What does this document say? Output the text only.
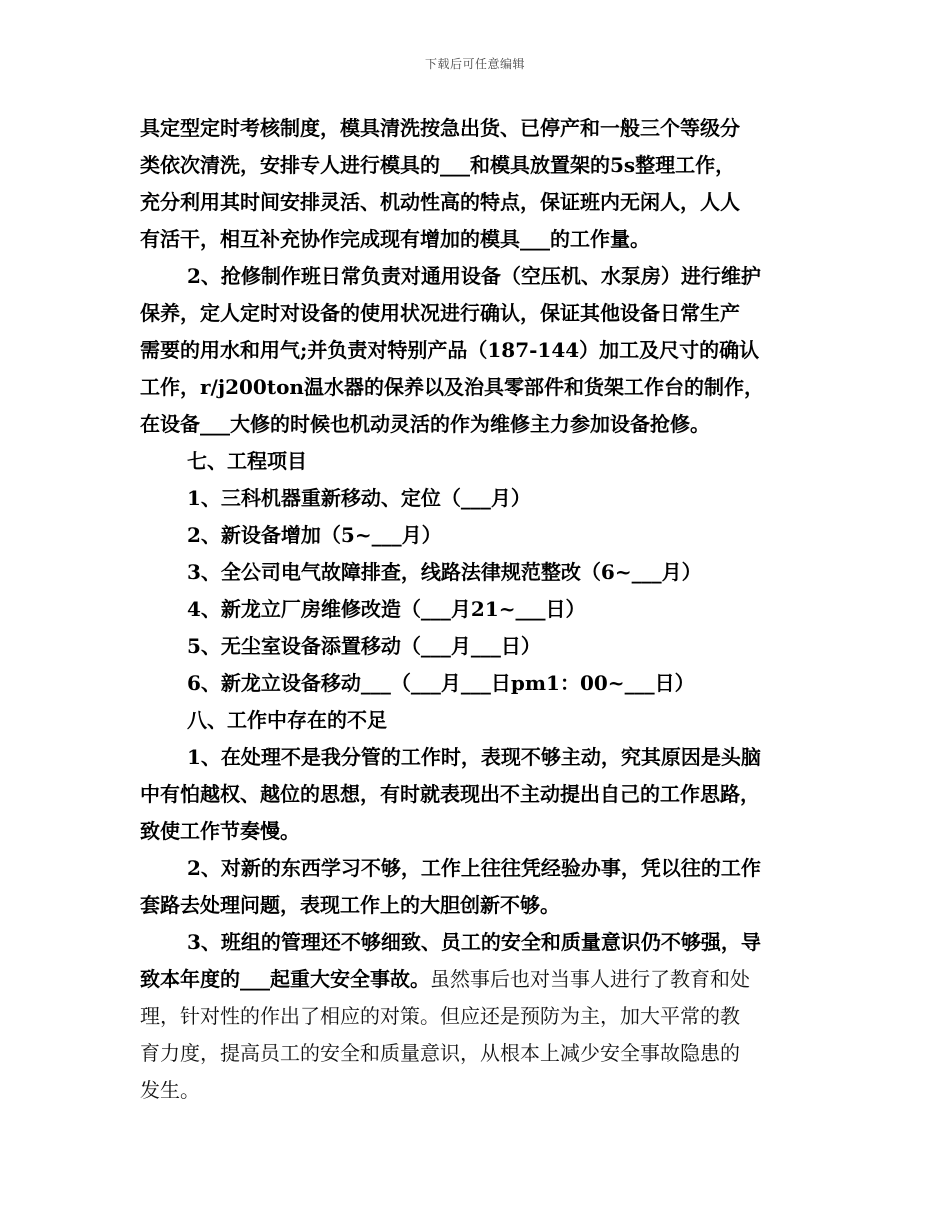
下载后可任意编辑
具定型定时考核制度，模具清洗按急出货、已停产和一般三个等级分
类依次清洗，安排专人进行模具的___和模具放置架的5s整理工作，
充分利用其时间安排灵活、机动性高的特点，保证班内无闲人，人人
有活干，相互补充协作完成现有增加的模具___的工作量。
2、抢修制作班日常负责对通用设备（空压机、水泵房）进行维护
保养，定人定时对设备的使用状况进行确认，保证其他设备日常生产
需要的用水和用气;并负责对特别产品（187-144）加工及尺寸的确认
工作，r/j200ton温水器的保养以及治具零部件和货架工作台的制作，
在设备___大修的时候也机动灵活的作为维修主力参加设备抢修。
七、工程项目
1、三科机器重新移动、定位（___月）
2、新设备增加（5~___月）
3、全公司电气故障排查，线路法律规范整改（6~___月）
4、新龙立厂房维修改造（___月21~___日）
5、无尘室设备添置移动（___月___日）
6、新龙立设备移动___（___月___日pm1：00~___日）
八、工作中存在的不足
1、在处理不是我分管的工作时，表现不够主动，究其原因是头脑
中有怕越权、越位的思想，有时就表现出不主动提出自己的工作思路，
致使工作节奏慢。
2、对新的东西学习不够，工作上往往凭经验办事，凭以往的工作
套路去处理问题，表现工作上的大胆创新不够。
3、班组的管理还不够细致、员工的安全和质量意识仍不够强，导
致本年度的___起重大安全事故。虽然事后也对当事人进行了教育和处
理，针对性的作出了相应的对策。但应还是预防为主，加大平常的教
育力度，提高员工的安全和质量意识，从根本上减少安全事故隐患的
发生。
